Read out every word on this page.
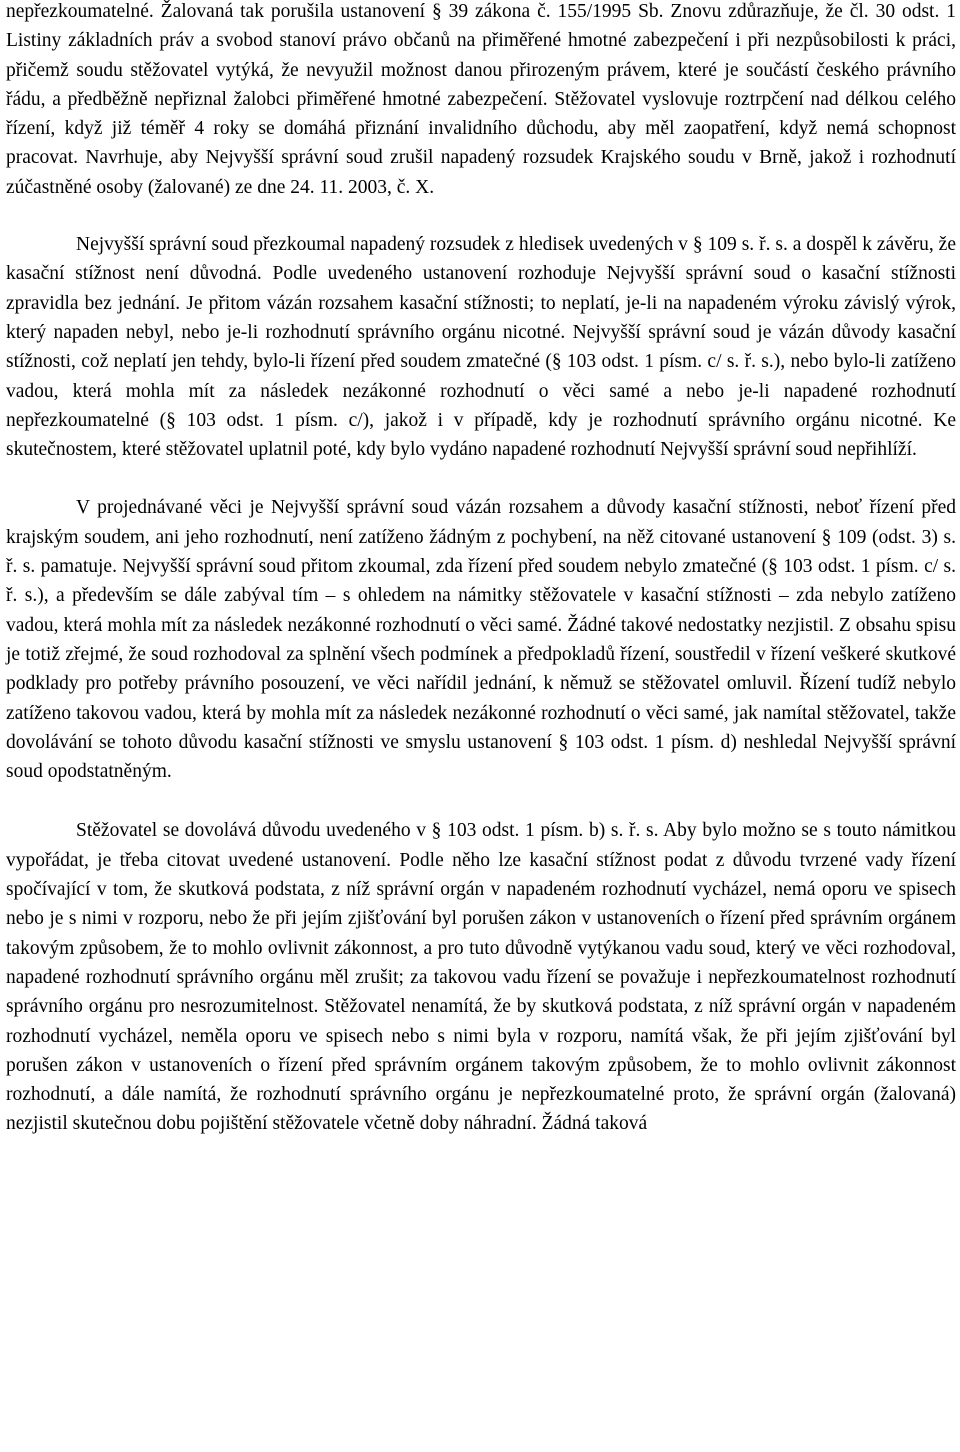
nepřezkoumatelné. Žalovaná tak porušila ustanovení § 39 zákona č. 155/1995 Sb. Znovu zdůrazňuje, že čl. 30 odst. 1 Listiny základních práv a svobod stanoví právo občanů na přiměřené hmotné zabezpečení i při nezpůsobilosti k práci, přičemž soudu stěžovatel vytýká, že nevyužil možnost danou přirozeným právem, které je součástí českého právního řádu, a předběžně nepřiznal žalobci přiměřené hmotné zabezpečení. Stěžovatel vyslovuje roztrpčení nad délkou celého řízení, když již téměř 4 roky se domáhá přiznání invalidního důchodu, aby měl zaopatření, když nemá schopnost pracovat. Navrhuje, aby Nejvyšší správní soud zrušil napadený rozsudek Krajského soudu v Brně, jakož i rozhodnutí zúčastněné osoby (žalované) ze dne 24. 11. 2003, č. X.

Nejvyšší správní soud přezkoumal napadený rozsudek z hledisek uvedených v § 109 s. ř. s. a dospěl k závěru, že kasační stížnost není důvodná. Podle uvedeného ustanovení rozhoduje Nejvyšší správní soud o kasační stížnosti zpravidla bez jednání. Je přitom vázán rozsahem kasační stížnosti; to neplatí, je-li na napadeném výroku závislý výrok, který napaden nebyl, nebo je-li rozhodnutí správního orgánu nicotné. Nejvyšší správní soud je vázán důvody kasační stížnosti, což neplatí jen tehdy, bylo-li řízení před soudem zmatečné (§ 103 odst. 1 písm. c/ s. ř. s.), nebo bylo-li zatíženo vadou, která mohla mít za následek nezákonné rozhodnutí o věci samé a nebo je-li napadené rozhodnutí nepřezkoumatelné (§ 103 odst. 1 písm. c/), jakož i v případě, kdy je rozhodnutí správního orgánu nicotné. Ke skutečnostem, které stěžovatel uplatnil poté, kdy bylo vydáno napadené rozhodnutí Nejvyšší správní soud nepřihlíží.

V projednávané věci je Nejvyšší správní soud vázán rozsahem a důvody kasační stížnosti, neboť řízení před krajským soudem, ani jeho rozhodnutí, není zatíženo žádným z pochybení, na něž citované ustanovení § 109 (odst. 3) s. ř. s. pamatuje. Nejvyšší správní soud přitom zkoumal, zda řízení před soudem nebylo zmatečné (§ 103 odst. 1 písm. c/ s. ř. s.), a především se dále zabýval tím – s ohledem na námitky stěžovatele v kasační stížnosti – zda nebylo zatíženo vadou, která mohla mít za následek nezákonné rozhodnutí o věci samé. Žádné takové nedostatky nezjistil. Z obsahu spisu je totiž zřejmé, že soud rozhodoval za splnění všech podmínek a předpokladů řízení, soustředil v řízení veškeré skutkové podklady pro potřeby právního posouzení, ve věci nařídil jednání, k němuž se stěžovatel omluvil. Řízení tudíž nebylo zatíženo takovou vadou, která by mohla mít za následek nezákonné rozhodnutí o věci samé, jak namítal stěžovatel, takže dovolávání se tohoto důvodu kasační stížnosti ve smyslu ustanovení § 103 odst. 1 písm. d) neshledal Nejvyšší správní soud opodstatněným.

Stěžovatel se dovolává důvodu uvedeného v § 103 odst. 1 písm. b) s. ř. s. Aby bylo možno se s touto námitkou vypořádat, je třeba citovat uvedené ustanovení. Podle něho lze kasační stížnost podat z důvodu tvrzené vady řízení spočívající v tom, že skutková podstata, z níž správní orgán v napadeném rozhodnutí vycházel, nemá oporu ve spisech nebo je s nimi v rozporu, nebo že při jejím zjišťování byl porušen zákon v ustanoveních o řízení před správním orgánem takovým způsobem, že to mohlo ovlivnit zákonnost, a pro tuto důvodně vytýkanou vadu soud, který ve věci rozhodoval, napadené rozhodnutí správního orgánu měl zrušit; za takovou vadu řízení se považuje i nepřezkoumatelnost rozhodnutí správního orgánu pro nesrozumitelnost. Stěžovatel nenamítá, že by skutková podstata, z níž správní orgán v napadeném rozhodnutí vycházel, neměla oporu ve spisech nebo s nimi byla v rozporu, namítá však, že při jejím zjišťování byl porušen zákon v ustanoveních o řízení před správním orgánem takovým způsobem, že to mohlo ovlivnit zákonnost rozhodnutí, a dále namítá, že rozhodnutí správního orgánu je nepřezkoumatelné proto, že správní orgán (žalovaná) nezjistil skutečnou dobu pojištění stěžovatele včetně doby náhradní. Žádná taková
